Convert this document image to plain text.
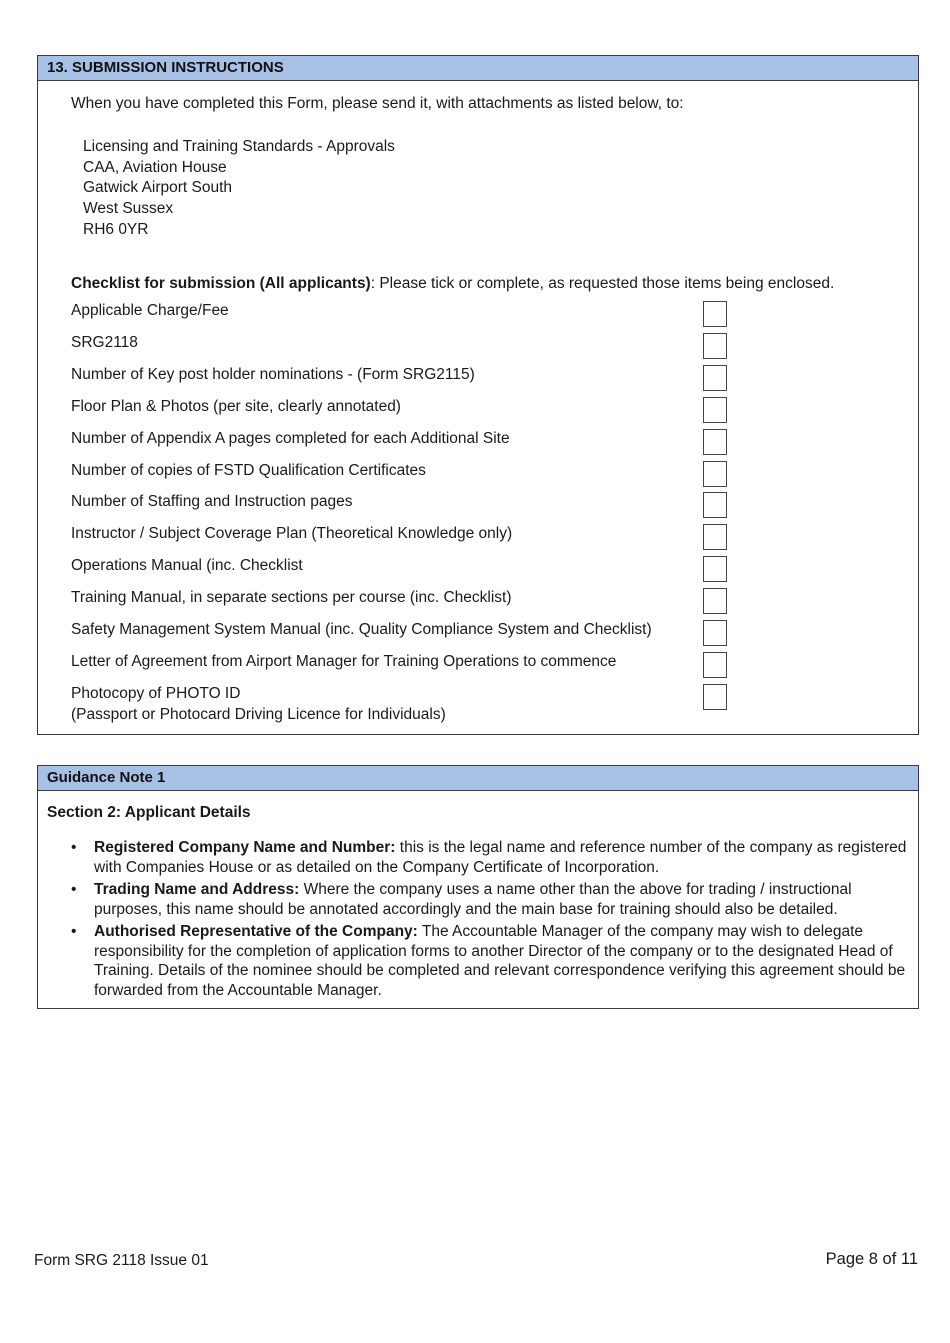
13. SUBMISSION INSTRUCTIONS
When you have completed this Form, please send it, with attachments as listed below, to:
Licensing and Training Standards - Approvals
CAA, Aviation House
Gatwick Airport South
West Sussex
RH6 0YR
Checklist for submission (All applicants): Please tick or complete, as requested those items being enclosed.
Applicable Charge/Fee
SRG2118
Number of Key post holder nominations - (Form SRG2115)
Floor Plan & Photos (per site, clearly annotated)
Number of Appendix A pages completed for each Additional Site
Number of copies of FSTD Qualification Certificates
Number of Staffing and Instruction pages
Instructor / Subject Coverage Plan (Theoretical Knowledge only)
Operations Manual (inc. Checklist
Training Manual, in separate sections per course (inc. Checklist)
Safety Management System Manual (inc. Quality Compliance System and Checklist)
Letter of Agreement from Airport Manager for Training Operations to commence
Photocopy of PHOTO ID
(Passport or Photocard Driving Licence for Individuals)
Guidance Note 1
Section 2: Applicant Details
• Registered Company Name and Number: this is the legal name and reference number of the company as registered with Companies House or as detailed on the Company Certificate of Incorporation.
• Trading Name and Address: Where the company uses a name other than the above for trading / instructional purposes, this name should be annotated accordingly and the main base for training should also be detailed.
• Authorised Representative of the Company: The Accountable Manager of the company may wish to delegate responsibility for the completion of application forms to another Director of the company or to the designated Head of Training. Details of the nominee should be completed and relevant correspondence verifying this agreement should be forwarded from the Accountable Manager.
Form SRG 2118 Issue 01	Page 8 of 11
